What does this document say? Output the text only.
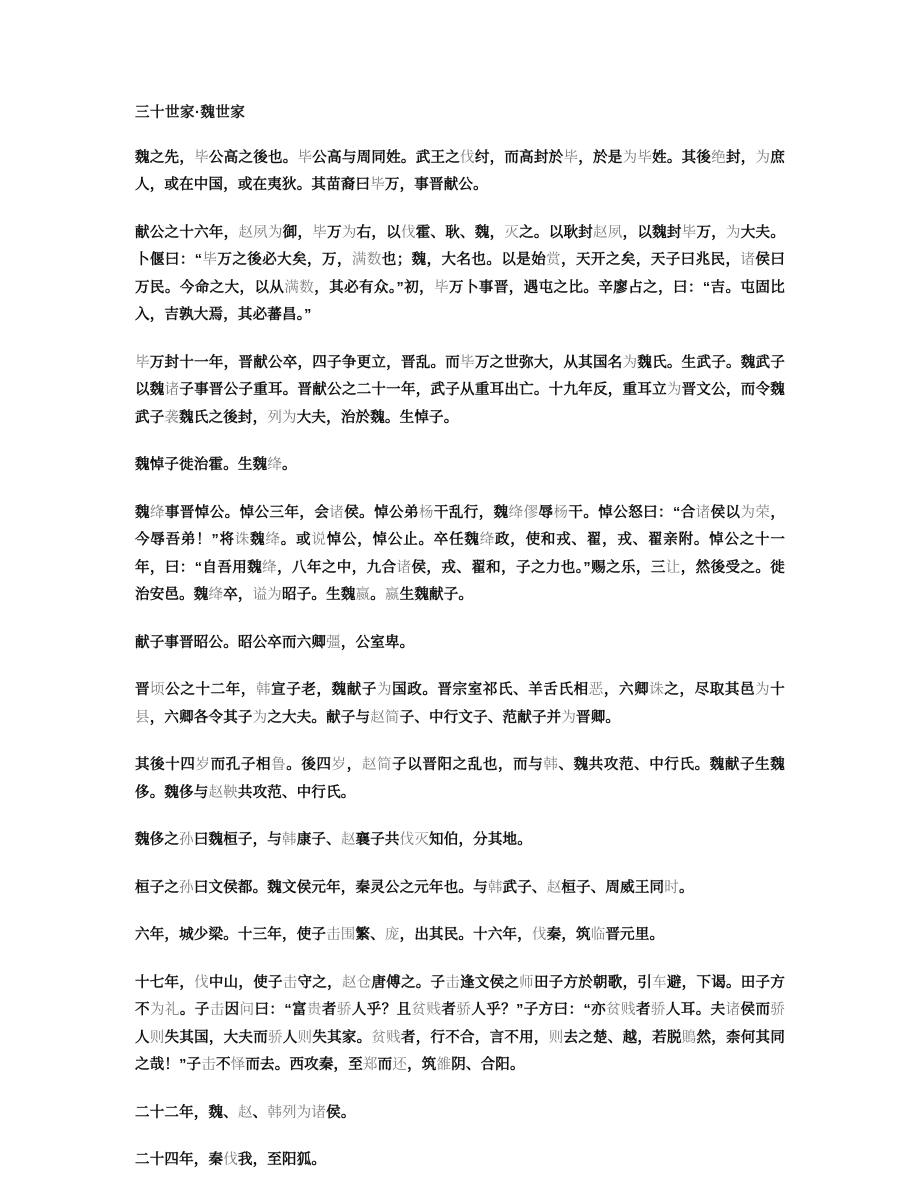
三十世家·魏世家

魏之先，毕公高之後也。毕公高与周同姓。武王之伐纣，而高封於毕，於是为毕姓。其後绝封，为庶人，或在中国，或在夷狄。其苗裔曰毕万，事晋献公。

献公之十六年，赵夙为御，毕万为右，以伐霍、耿、魏，灭之。以耿封赵夙，以魏封毕万，为大夫。卜偃曰：“毕万之後必大矣，万，满数也；魏，大名也。以是始赏，天开之矣，天子曰兆民，诸侯曰万民。今命之大，以从满数，其必有众。”初，毕万卜事晋，遇屯之比。辛廖占之，曰：“吉。屯固比入，吉孰大焉，其必蕃昌。”

毕万封十一年，晋献公卒，四子争更立，晋乱。而毕万之世弥大，从其国名为魏氏。生武子。魏武子以魏诸子事晋公子重耳。晋献公之二十一年，武子从重耳出亡。十九年反，重耳立为晋文公，而令魏武子袭魏氏之後封，列为大夫，治於魏。生悼子。

魏悼子徙治霍。生魏绛。

魏绛事晋悼公。悼公三年，会诸侯。悼公弟杨干乱行，魏绛僇辱杨干。悼公怒曰：“合诸侯以为荣，今辱吾弟！”将诛魏绛。或说悼公，悼公止。卒任魏绛政，使和戎、翟，戎、翟亲附。悼公之十一年，曰：“自吾用魏绛，八年之中，九合诸侯，戎、翟和，子之力也。”赐之乐，三让，然後受之。徙治安邑。魏绛卒，谥为昭子。生魏嬴。嬴生魏献子。

献子事晋昭公。昭公卒而六卿彊，公室卑。

晋顷公之十二年，韩宣子老，魏献子为国政。晋宗室祁氏、羊舌氏相恶，六卿诛之，尽取其邑为十县，六卿各令其子为之大夫。献子与赵简子、中行文子、范献子并为晋卿。

其後十四岁而孔子相鲁。後四岁，赵简子以晋阳之乱也，而与韩、魏共攻范、中行氏。魏献子生魏侈。魏侈与赵鞅共攻范、中行氏。

魏侈之孙曰魏桓子，与韩康子、赵襄子共伐灭知伯，分其地。

桓子之孙曰文侯都。魏文侯元年，秦灵公之元年也。与韩武子、赵桓子、周威王同时。

六年，城少梁。十三年，使子击围繁、庞，出其民。十六年，伐秦，筑临晋元里。

十七年，伐中山，使子击守之，赵仓唐傅之。子击逢文侯之师田子方於朝歌，引车避，下谒。田子方不为礼。子击因问曰：“富贵者骄人乎？且贫贱者骄人乎？”子方曰：“亦贫贱者骄人耳。夫诸侯而骄人则失其国，大夫而骄人则失其家。贫贱者，行不合，言不用，则去之楚、越，若脱鵙然，柰何其同之哉！”子击不怿而去。西攻秦，至郑而还，筑雒阴、合阳。

二十二年，魏、赵、韩列为诸侯。

二十四年，秦伐我，至阳狐。
